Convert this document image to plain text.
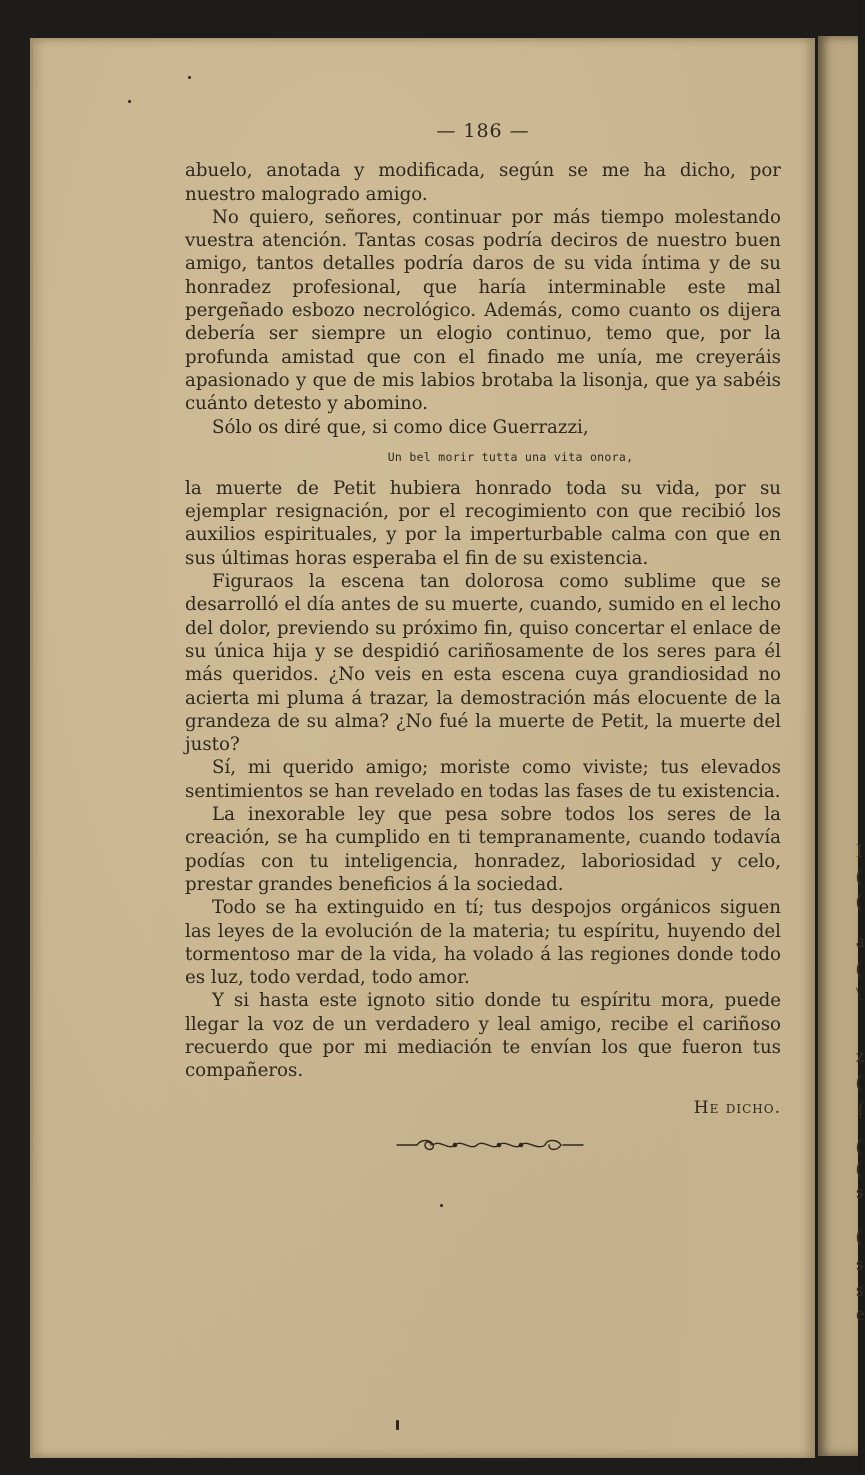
I
(
(
a
(
\
z
(
{
(
(
s
(
s
s
e
— 186 —

abuelo, anotada y modificada, según se me ha dicho, por nuestro malogrado amigo.

No quiero, señores, continuar por más tiempo molestando vuestra atención. Tantas cosas podría deciros de nuestro buen amigo, tantos detalles podría daros de su vida íntima y de su honradez profesional, que haría interminable este mal pergeñado esbozo necrológico. Además, como cuanto os dijera debería ser siempre un elogio continuo, temo que, por la profunda amistad que con el finado me unía, me creyeráis apasionado y que de mis labios brotaba la lisonja, que ya sabéis cuánto detesto y abomino.

Sólo os diré que, si como dice Guerrazzi,

Un bel morir tutta una vita onora,

la muerte de Petit hubiera honrado toda su vida, por su ejemplar resignación, por el recogimiento con que recibió los auxilios espirituales, y por la imperturbable calma con que en sus últimas horas esperaba el fin de su existencia.

Figuraos la escena tan dolorosa como sublime que se desarrolló el día antes de su muerte, cuando, sumido en el lecho del dolor, previendo su próximo fin, quiso concertar el enlace de su única hija y se despidió cariñosamente de los seres para él más queridos. ¿No veis en esta escena cuya grandiosidad no acierta mi pluma á trazar, la demostración más elocuente de la grandeza de su alma? ¿No fué la muerte de Petit, la muerte del justo?

Sí, mi querido amigo; moriste como viviste; tus elevados sentimientos se han revelado en todas las fases de tu existencia.

La inexorable ley que pesa sobre todos los seres de la creación, se ha cumplido en ti tempranamente, cuando todavía podías con tu inteligencia, honradez, laboriosidad y celo, prestar grandes beneficios á la sociedad.

Todo se ha extinguido en tí; tus despojos orgánicos siguen las leyes de la evolución de la materia; tu espíritu, huyendo del tormentoso mar de la vida, ha volado á las regiones donde todo es luz, todo verdad, todo amor.

Y si hasta este ignoto sitio donde tu espíritu mora, puede llegar la voz de un verdadero y leal amigo, recibe el cariñoso recuerdo que por mi mediación te envían los que fueron tus compañeros.

He dicho.
